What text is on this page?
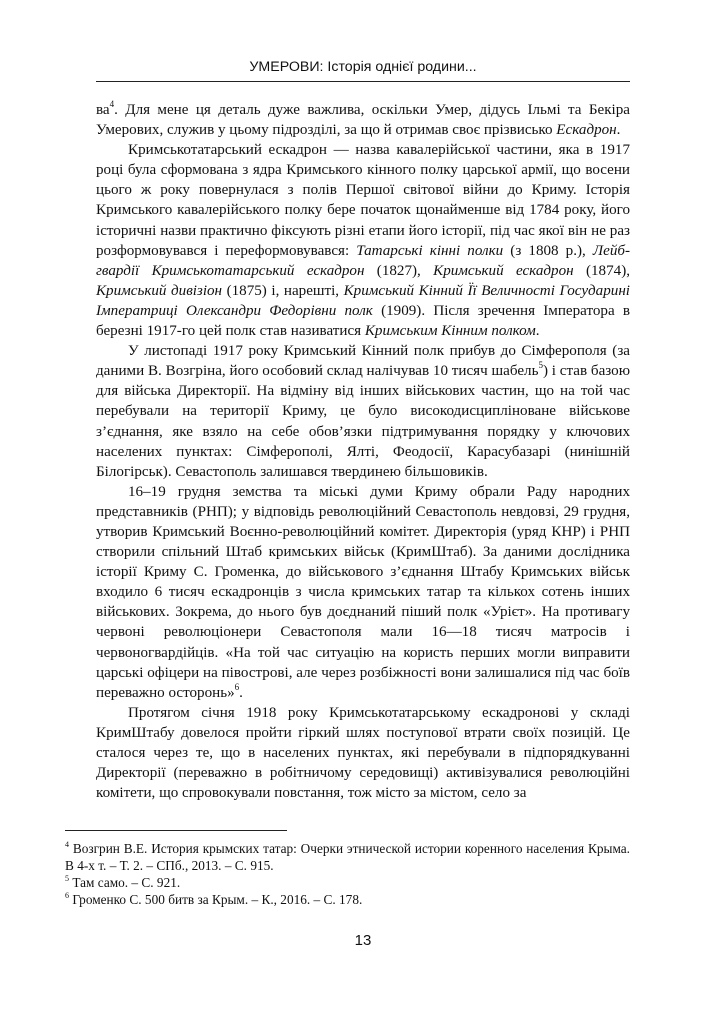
УМЕРОВИ: Історія однієї родини...

$ва^4$. Для мене ця деталь дуже важлива, оскільки Умер, дідусь Ільмі та Бекіра Умерових, служив у цьому підрозділі, за що й отримав своє прізвисько Ескадрон.

Кримськотатарський ескадрон — назва кавалерійської частини, яка в 1917 році була сформована з ядра Кримського кінного полку царської армії, що восени цього ж року повернулася з полів Першої світової війни до Криму. Історія Кримського кавалерійського полку бере початок щонайменше від 1784 року, його історичні назви практично фіксують різні етапи його історії, під час якої він не раз розформовувався і переформовувався: Татарські кінні полки (з 1808 р.), Лейб-гвардії Кримськотатарський ескадрон (1827), Кримський ескадрон (1874), Кримський дивізіон (1875) і, нарешті, Кримський Кінний Її Величності Государині Імператриці Олександри Федорівни полк (1909). Після зречення Імператора в березні 1917-го цей полк став називатися Кримським Кінним полком.

У листопаді 1917 року Кримський Кінний полк прибув до Сімферополя (за даними В. Возгріна, його особовий склад налічував 10 тисяч шабель$^5$) і став базою для війська Директорії. На відміну від інших військових частин, що на той час перебували на території Криму, це було високодисципліноване військове з’єднання, яке взяло на себе обов’язки підтримування порядку у ключових населених пунктах: Сімферополі, Ялті, Феодосії, Карасубазарі (нинішній Білогірськ). Севастополь залишався твердинею більшовиків.

16–19 грудня земства та міські думи Криму обрали Раду народних представників (РНП); у відповідь революційний Севастополь невдовзі, 29 грудня, утворив Кримський Воєнно-революційний комітет. Директорія (уряд КНР) і РНП створили спільний Штаб кримських військ (КримШтаб). За даними дослідника історії Криму С. Громенка, до військового з’єднання Штабу Кримських військ входило 6 тисяч ескадронців з числа кримських татар та кількох сотень інших військових. Зокрема, до нього був доєднаний піший полк «Урієт». На противагу червоні революціонери Севастополя мали 16—18 тисяч матросів і червоногвардійців. «На той час ситуацію на користь перших могли виправити царські офіцери на півострові, але через розбіжності вони залишалися під час боїв переважно осторонь»$^6$.

Протягом січня 1918 року Кримськотатарському ескадронові у складі КримШтабу довелося пройти гіркий шлях поступової втрати своїх позицій. Це сталося через те, що в населених пунктах, які перебували в підпорядкуванні Директорії (переважно в робітничому середовищі) активізувалися революційні комітети, що спровокували повстання, тож місто за містом, село за

$^4$ Возгрин В.Е. История крымских татар: Очерки этнической истории коренного населения Крыма. В 4-х т. – Т. 2. – СПб., 2013. – С. 915.

$^5$ Там само. – С. 921.

$^6$ Громенко С. 500 битв за Крым. – К., 2016. – С. 178.

13
